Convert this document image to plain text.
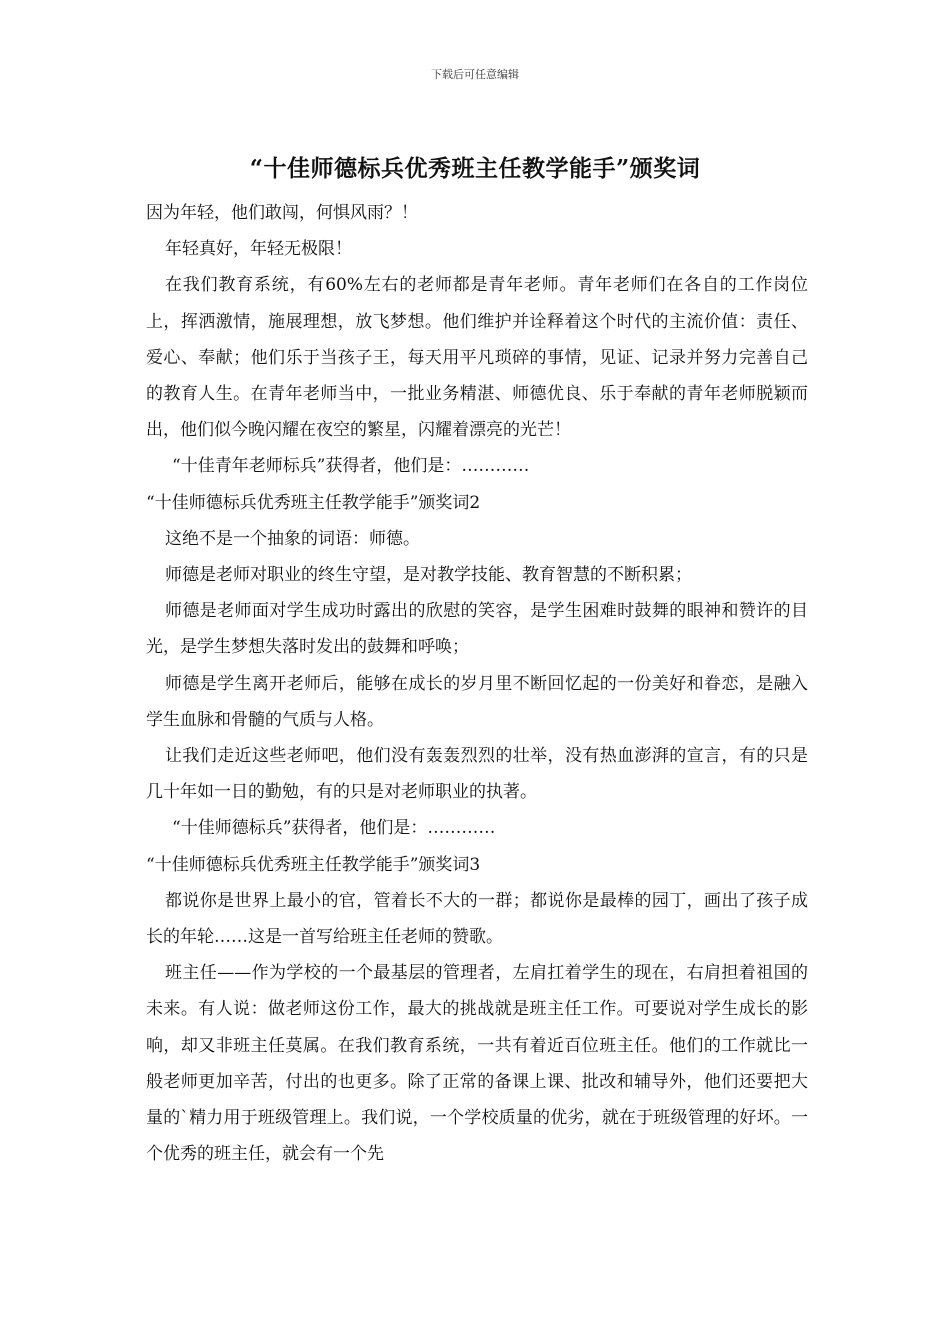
下载后可任意编辑
“十佳师德标兵优秀班主任教学能手”颁奖词

因为年轻，他们敢闯，何惧风雨？！

年轻真好，年轻无极限！

在我们教育系统，有60%左右的老师都是青年老师。青年老师们在各自的工作岗位上，挥洒激情，施展理想，放飞梦想。他们维护并诠释着这个时代的主流价值：责任、爱心、奉献；他们乐于当孩子王，每天用平凡琐碎的事情，见证、记录并努力完善自己的教育人生。在青年老师当中，一批业务精湛、师德优良、乐于奉献的青年老师脱颖而出，他们似今晚闪耀在夜空的繁星，闪耀着漂亮的光芒！

“十佳青年老师标兵”获得者，他们是：…………

“十佳师德标兵优秀班主任教学能手”颁奖词2

这绝不是一个抽象的词语：师德。

师德是老师对职业的终生守望，是对教学技能、教育智慧的不断积累；

师德是老师面对学生成功时露出的欣慰的笑容，是学生困难时鼓舞的眼神和赞许的目光，是学生梦想失落时发出的鼓舞和呼唤；

师德是学生离开老师后，能够在成长的岁月里不断回忆起的一份美好和眷恋，是融入学生血脉和骨髓的气质与人格。

让我们走近这些老师吧，他们没有轰轰烈烈的壮举，没有热血澎湃的宣言，有的只是几十年如一日的勤勉，有的只是对老师职业的执著。

“十佳师德标兵”获得者，他们是：…………

“十佳师德标兵优秀班主任教学能手”颁奖词3

都说你是世界上最小的官，管着长不大的一群；都说你是最棒的园丁，画出了孩子成长的年轮……这是一首写给班主任老师的赞歌。

班主任——作为学校的一个最基层的管理者，左肩扛着学生的现在，右肩担着祖国的未来。有人说：做老师这份工作，最大的挑战就是班主任工作。可要说对学生成长的影响，却又非班主任莫属。在我们教育系统，一共有着近百位班主任。他们的工作就比一般老师更加辛苦，付出的也更多。除了正常的备课上课、批改和辅导外，他们还要把大量的`精力用于班级管理上。我们说，一个学校质量的优劣，就在于班级管理的好坏。一个优秀的班主任，就会有一个先
